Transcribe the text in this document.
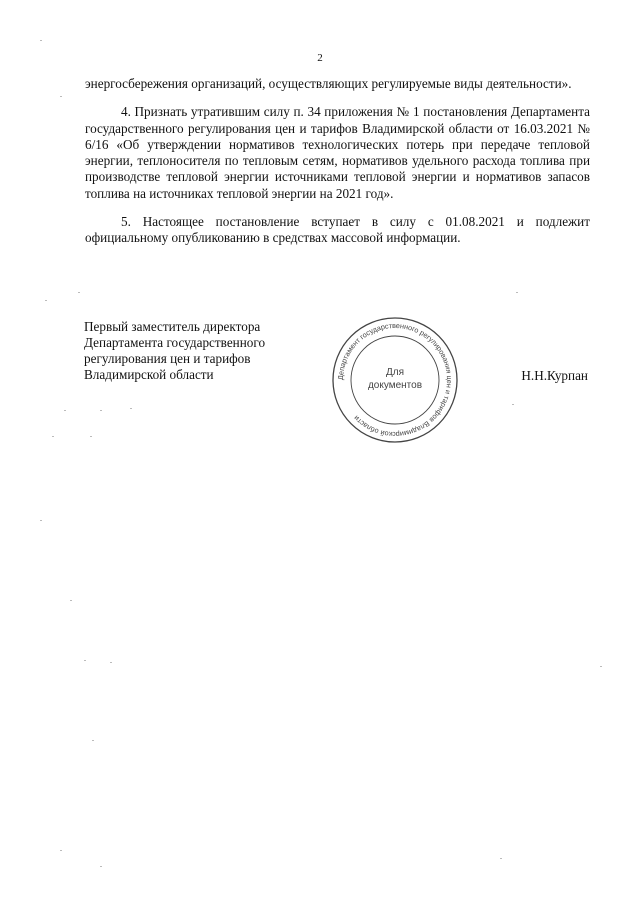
2

энергосбережения организаций, осуществляющих регулируемые виды деятельности».

4. Признать утратившим силу п. 34 приложения № 1 постановления Департамента государственного регулирования цен и тарифов Владимирской области от 16.03.2021 № 6/16 «Об утверждении нормативов технологических потерь при передаче тепловой энергии, теплоносителя по тепловым сетям, нормативов удельного расхода топлива при производстве тепловой энергии источниками тепловой энергии и нормативов запасов топлива на источниках тепловой энергии на 2021 год».

5. Настоящее постановление вступает в силу с 01.08.2021 и подлежит официальному опубликованию в средствах массовой информации.

Первый заместитель директора
Департамента государственного
регулирования цен и тарифов
Владимирской области	Департамент государственного регулирования цен и тарифов Владимирской области
Для
документов
Н.Н.Курпан
